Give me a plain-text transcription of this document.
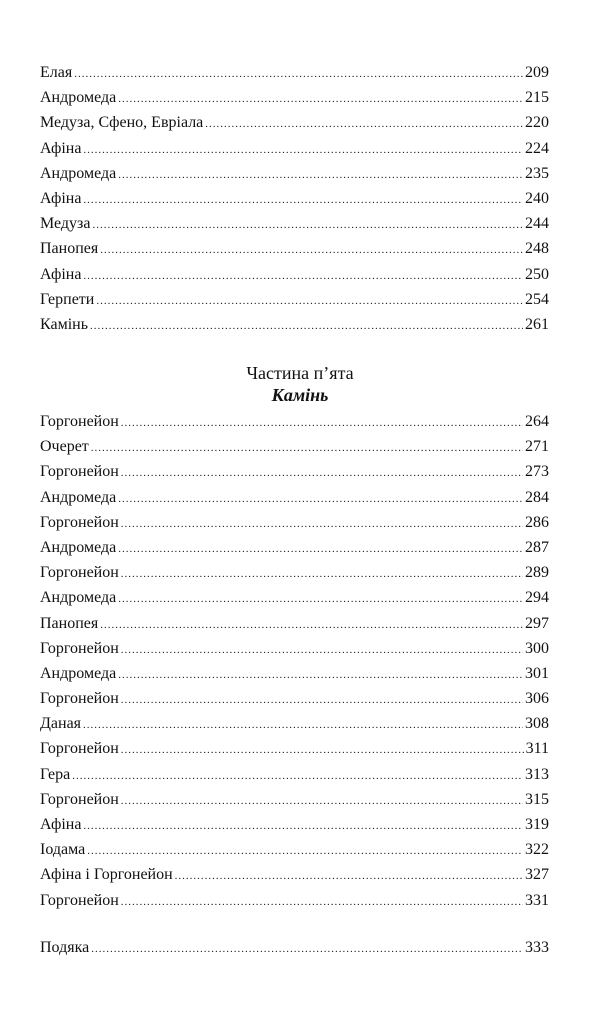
Елая .....	209
Андромеда .....	215
Медуза, Сфено, Евріала .....	220
Афіна .....	224
Андромеда .....	235
Афіна .....	240
Медуза .....	244
Панопея .....	248
Афіна .....	250
Герпети .....	254
Камінь .....	261
Частина п’ята
Камінь
Горгонейон .....	264
Очерет .....	271
Горгонейон .....	273
Андромеда .....	284
Горгонейон .....	286
Андромеда .....	287
Горгонейон .....	289
Андромеда .....	294
Панопея .....	297
Горгонейон .....	300
Андромеда .....	301
Горгонейон .....	306
Даная .....	308
Горгонейон .....	311
Гера .....	313
Горгонейон .....	315
Афіна .....	319
Іодама .....	322
Афіна і Горгонейон .....	327
Горгонейон .....	331
Подяка .....	333
